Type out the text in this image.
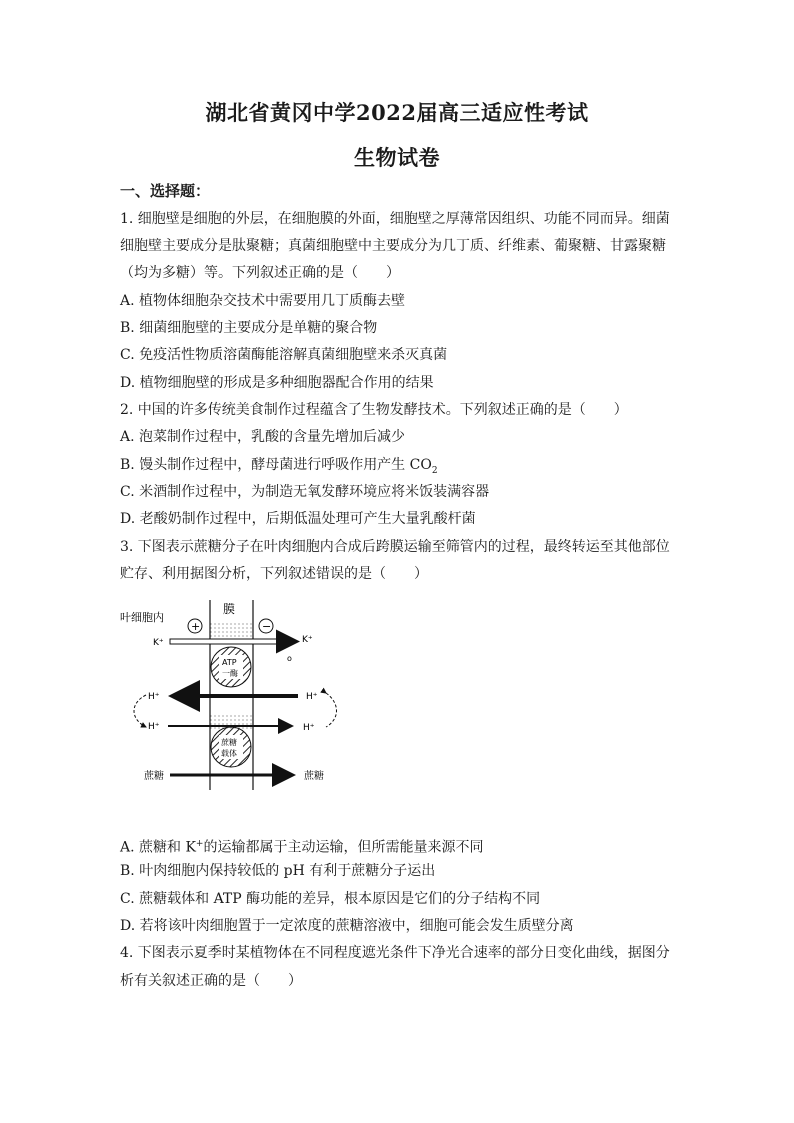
湖北省黄冈中学2022届高三适应性考试
生物试卷
一、选择题：
1. 细胞壁是细胞的外层，在细胞膜的外面，细胞壁之厚薄常因组织、功能不同而异。细菌
细胞壁主要成分是肽聚糖；真菌细胞壁中主要成分为几丁质、纤维素、葡聚糖、甘露聚糖
（均为多糖）等。下列叙述正确的是（　　）
A. 植物体细胞杂交技术中需要用几丁质酶去壁
B. 细菌细胞壁的主要成分是单糖的聚合物
C. 免疫活性物质溶菌酶能溶解真菌细胞壁来杀灭真菌
D. 植物细胞壁的形成是多种细胞器配合作用的结果
2. 中国的许多传统美食制作过程蕴含了生物发酵技术。下列叙述正确的是（　　）
A. 泡菜制作过程中，乳酸的含量先增加后减少
B. 馒头制作过程中，酵母菌进行呼吸作用产生 $CO_2$
C. 米酒制作过程中，为制造无氧发酵环境应将米饭装满容器
D. 老酸奶制作过程中，后期低温处理可产生大量乳酸杆菌
3. 下图表示蔗糖分子在叶肉细胞内合成后跨膜运输至筛管内的过程，最终转运至其他部位
贮存、利用据图分析，下列叙述错误的是（　　）
膜
叶细胞内
+	−
K⁺	K⁺
o
ATP
一酶
H⁺	H⁺
H⁺	H⁺
蔗糖
载体
蔗糖	蔗糖
A. 蔗糖和 K+的运输都属于主动运输，但所需能量来源不同
B. 叶肉细胞内保持较低的 pH 有利于蔗糖分子运出
C. 蔗糖载体和 ATP 酶功能的差异，根本原因是它们的分子结构不同
D. 若将该叶肉细胞置于一定浓度的蔗糖溶液中，细胞可能会发生质壁分离
4. 下图表示夏季时某植物体在不同程度遮光条件下净光合速率的部分日变化曲线，据图分
析有关叙述正确的是（　　）
